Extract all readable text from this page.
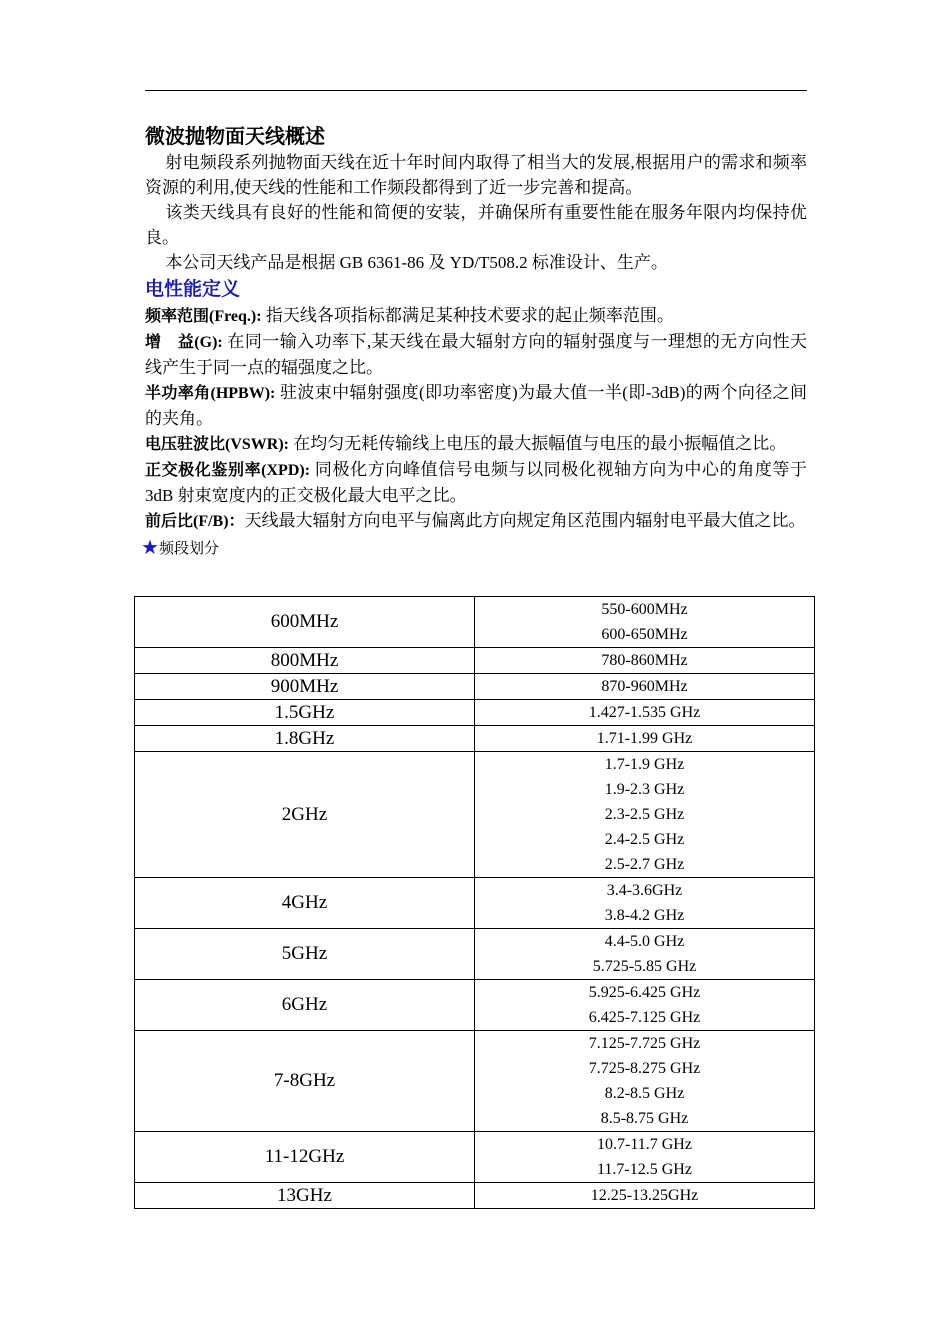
微波抛物面天线概述

射电频段系列抛物面天线在近十年时间内取得了相当大的发展,根据用户的需求和频率资源的利用,使天线的性能和工作频段都得到了近一步完善和提高。

该类天线具有良好的性能和简便的安装，并确保所有重要性能在服务年限内均保持优良。

本公司天线产品是根据 GB 6361-86 及 YD/T508.2 标准设计、生产。

电性能定义

频率范围(Freq.): 指天线各项指标都满足某种技术要求的起止频率范围。

增　益(G): 在同一输入功率下,某天线在最大辐射方向的辐射强度与一理想的无方向性天线产生于同一点的辐强度之比。

半功率角(HPBW): 驻波束中辐射强度(即功率密度)为最大值一半(即-3dB)的两个向径之间的夹角。

电压驻波比(VSWR): 在均匀无耗传输线上电压的最大振幅值与电压的最小振幅值之比。

正交极化鉴别率(XPD): 同极化方向峰值信号电频与以同极化视轴方向为中心的角度等于 3dB 射束宽度内的正交极化最大电平之比。

前后比(F/B)：天线最大辐射方向电平与偏离此方向规定角区范围内辐射电平最大值之比。

★频段划分
600MHz	550-600MHz
600-650MHz

800MHz	780-860MHz

900MHz	870-960MHz

1.5GHz	1.427-1.535 GHz

1.8GHz	1.71-1.99 GHz

2GHz	1.7-1.9 GHz
1.9-2.3 GHz
2.3-2.5 GHz
2.4-2.5 GHz
2.5-2.7 GHz

4GHz	3.4-3.6GHz
3.8-4.2 GHz

5GHz	4.4-5.0 GHz
5.725-5.85 GHz

6GHz	5.925-6.425 GHz
6.425-7.125 GHz

7-8GHz	7.125-7.725 GHz
7.725-8.275 GHz
8.2-8.5 GHz
8.5-8.75 GHz

11-12GHz	10.7-11.7 GHz
11.7-12.5 GHz

13GHz	12.25-13.25GHz
